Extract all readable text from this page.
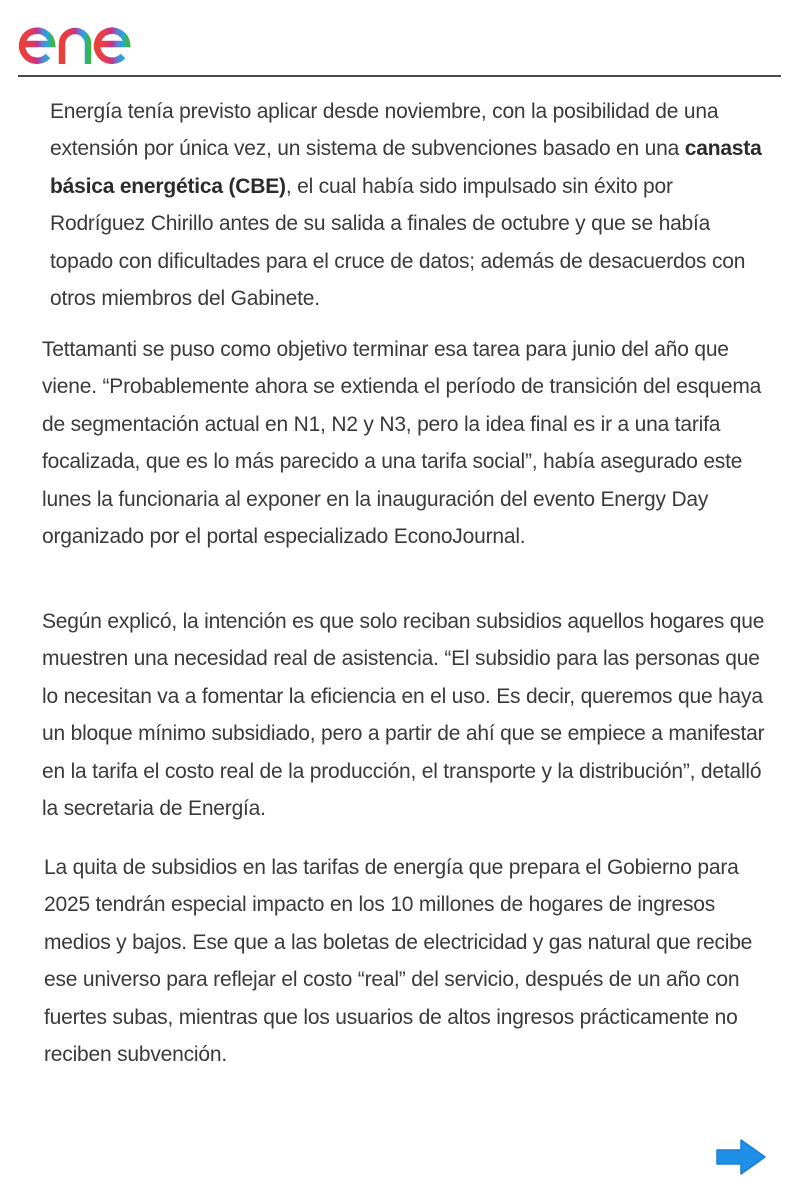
Energía tenía previsto aplicar desde noviembre, con la posibilidad de una extensión por única vez, un sistema de subvenciones basado en una canasta básica energética (CBE), el cual había sido impulsado sin éxito por Rodríguez Chirillo antes de su salida a finales de octubre y que se había topado con dificultades para el cruce de datos; además de desacuerdos con otros miembros del Gabinete.

Tettamanti se puso como objetivo terminar esa tarea para junio del año que viene. “Probablemente ahora se extienda el período de transición del esquema de segmentación actual en N1, N2 y N3, pero la idea final es ir a una tarifa focalizada, que es lo más parecido a una tarifa social”, había asegurado este lunes la funcionaria al exponer en la inauguración del evento Energy Day organizado por el portal especializado EconoJournal.

Según explicó, la intención es que solo reciban subsidios aquellos hogares que muestren una necesidad real de asistencia. “El subsidio para las personas que lo necesitan va a fomentar la eficiencia en el uso. Es decir, queremos que haya un bloque mínimo subsidiado, pero a partir de ahí que se empiece a manifestar en la tarifa el costo real de la producción, el transporte y la distribución”, detalló la secretaria de Energía.

La quita de subsidios en las tarifas de energía que prepara el Gobierno para 2025 tendrán especial impacto en los 10 millones de hogares de ingresos medios y bajos. Ese que a las boletas de electricidad y gas natural que recibe ese universo para reflejar el costo “real” del servicio, después de un año con fuertes subas, mientras que los usuarios de altos ingresos prácticamente no reciben subvención.
